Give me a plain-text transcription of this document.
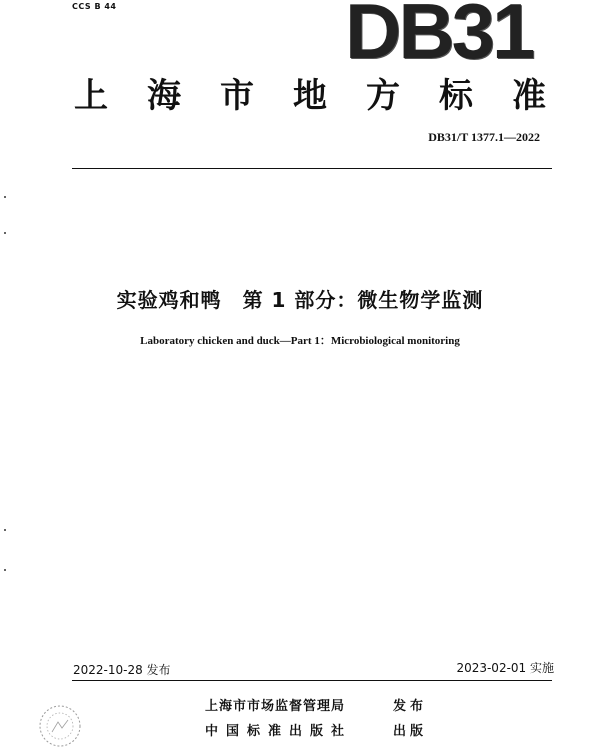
CCS B 44	DB31
上 海 市 地 方 标 准
DB31/T 1377.1—2022
实验鸡和鸭　第 1 部分：微生物学监测
Laboratory chicken and duck—Part 1：Microbiological monitoring
2022-10-28 发布	2023-02-01 实施
上海市市场监督管理局	发布
中国标准出版社	出版
